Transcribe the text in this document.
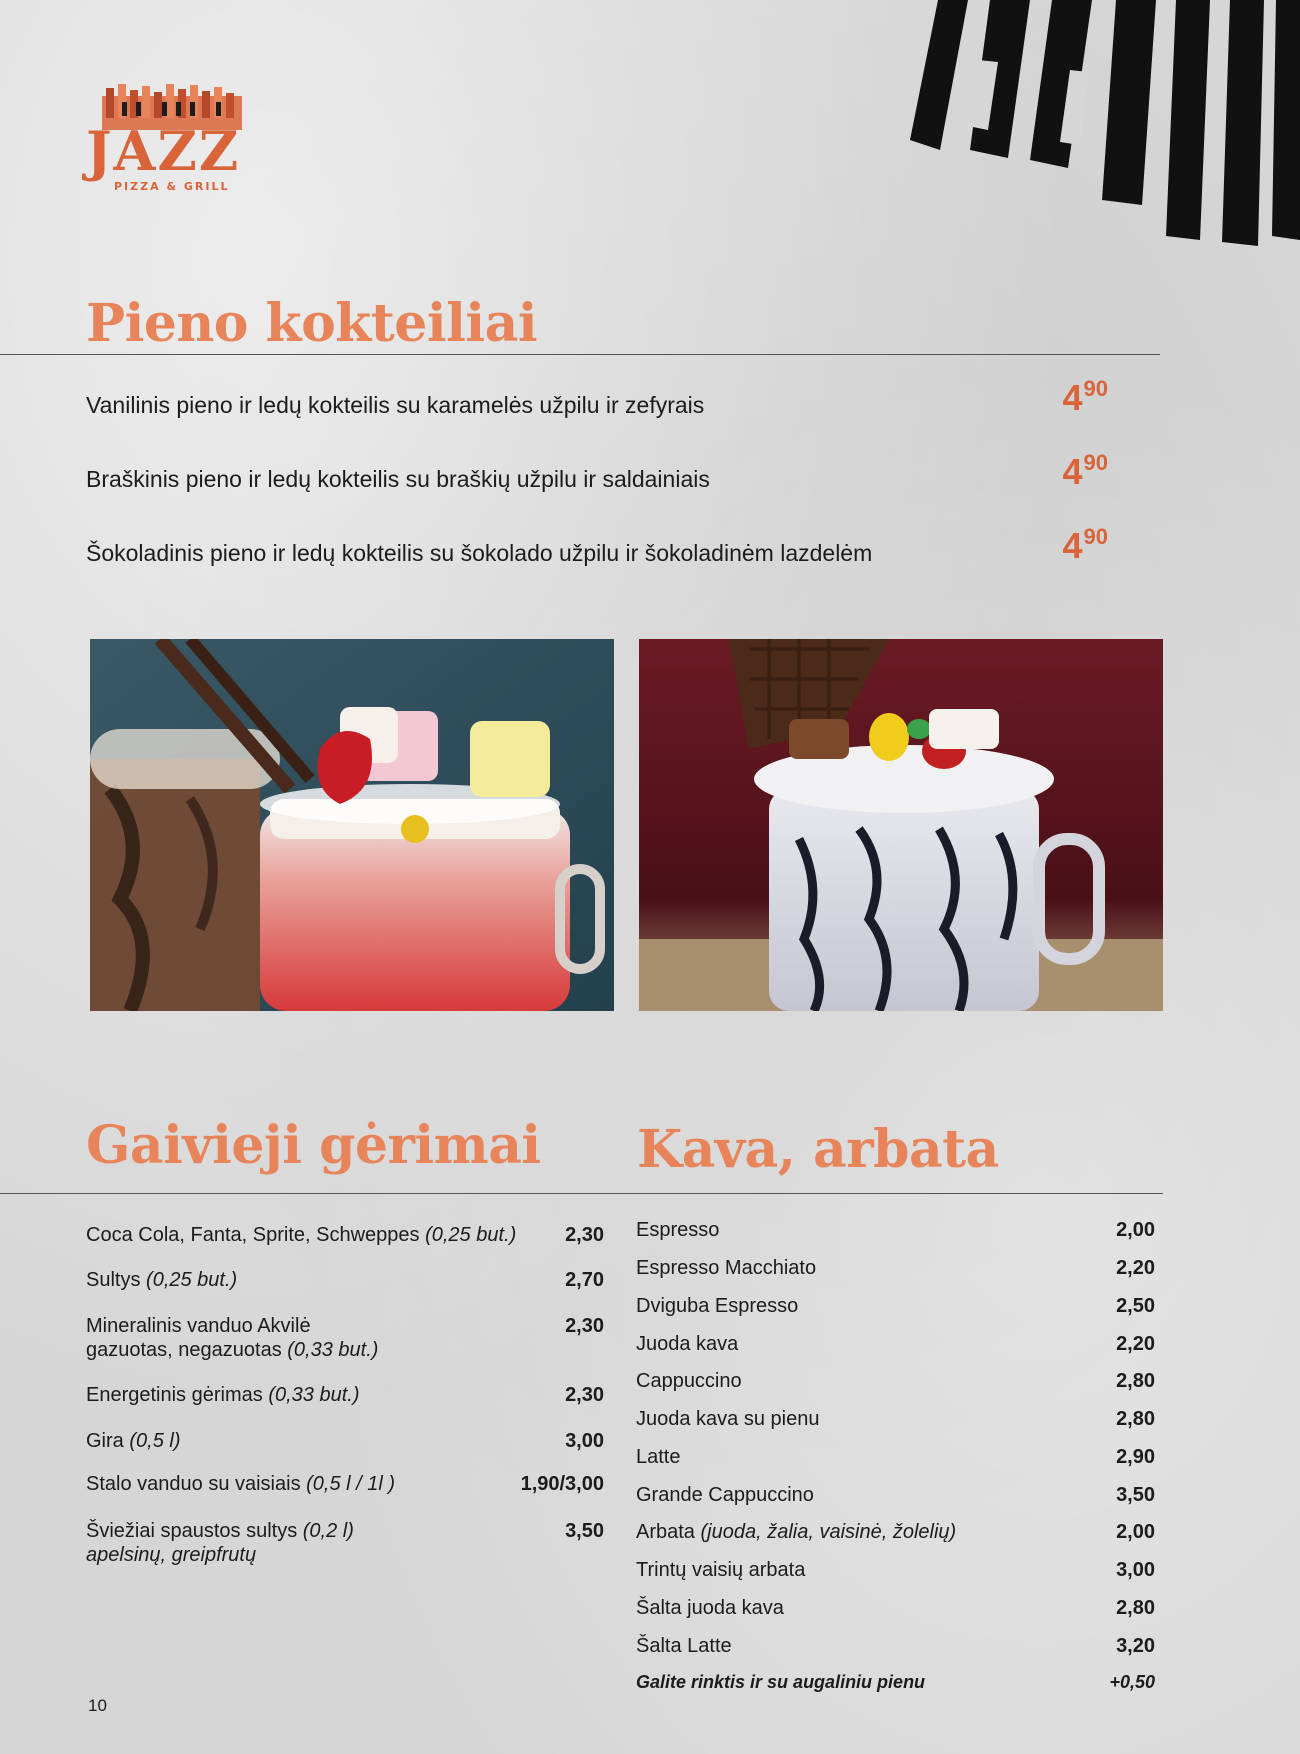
JAZZ
PIZZA & GRILL
Pieno kokteiliai
Vanilinis pieno ir ledų kokteilis su karamelės užpilu ir zefyrais	$4^{90}$
Braškinis pieno ir ledų kokteilis su braškių užpilu ir saldainiais	$4^{90}$
Šokoladinis pieno ir ledų kokteilis su šokolado užpilu ir šokoladinėm lazdelėm	$4^{90}$
Gaivieji gėrimai Kava, arbata
Coca Cola, Fanta, Sprite, Schweppes (0,25 but.) 2,30
Sultys (0,25 but.)	2,70
Mineralinis vanduo Akvilė
gazuotas, negazuotas (0,33 but.)
2,30
Energetinis gėrimas (0,33 but.)	2,30
Gira (0,5 l)	3,00
Stalo vanduo su vaisiais (0,5 l / 1l )	1,90/3,00
Šviežiai spaustos sultys (0,2 l)
apelsinų, greipfrutų
3,50
Espresso	2,00
Espresso Macchiato	2,20
Dviguba Espresso	2,50
Juoda kava	2,20
Cappuccino	2,80
Juoda kava su pienu	2,80
Latte	2,90
Grande Cappuccino	3,50
Arbata (juoda, žalia, vaisinė, žolelių)	2,00
Trintų vaisių arbata	3,00
Šalta juoda kava	2,80
Šalta Latte	3,20
Galite rinktis ir su augaliniu pienu	+0,50
10
